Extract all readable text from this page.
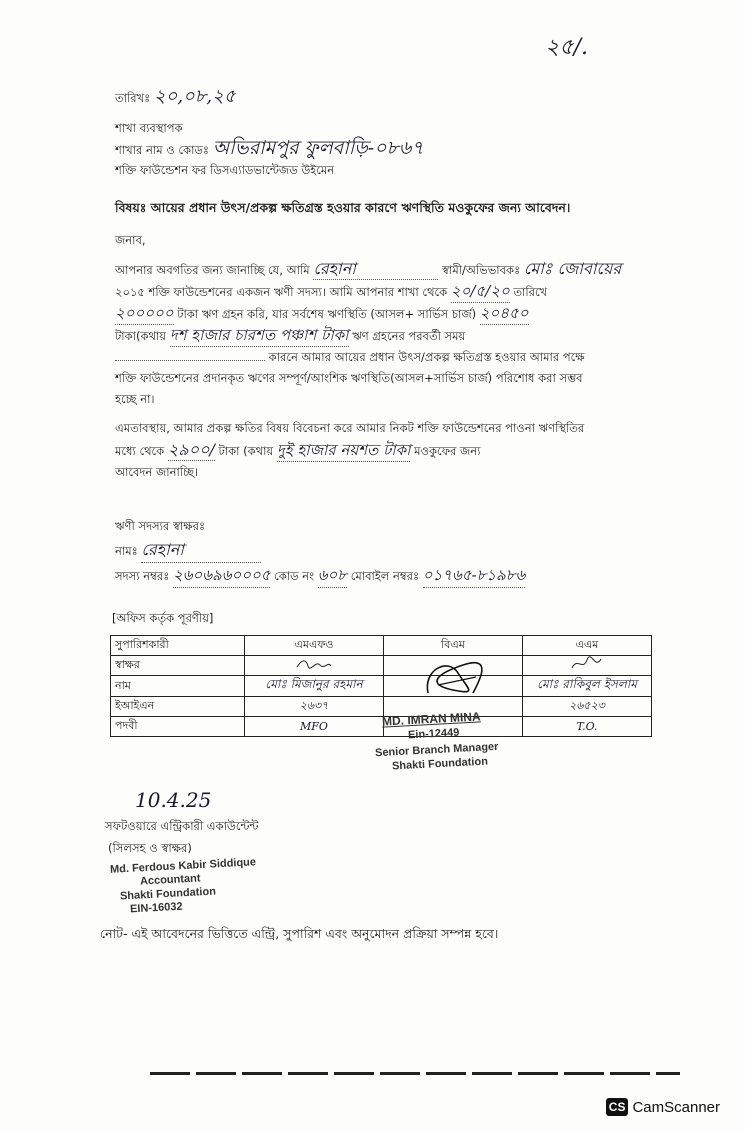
২৫/.
তারিখঃ ২০,০৮,২৫
শাখা ব্যবস্থাপক
শাখার নাম ও কোডঃ অভিরামপুর ফুলবাড়ি-০৮৬৭
শক্তি ফাউন্ডেশন ফর ডিসএ্যাডভান্টেজড উইমেন
বিষয়ঃ আয়ের প্রধান উৎস/প্রকল্প ক্ষতিগ্রস্ত হওয়ার কারণে ঋণস্থিতি মওকুফের জন্য আবেদন।
জনাব,
আপনার অবগতির জন্য জানাচ্ছি যে, আমি রেহানা	স্বামী/অভিভাবকঃ মোঃ জোবায়ের
২০১৫ শক্তি ফাউন্ডেশনের একজন ঋণী সদস্য। আমি আপনার শাখা থেকে ২০/৫/২০ তারিখে
২০০০০০ টাকা ঋণ গ্রহন করি, যার সর্বশেষ ঋণস্থিতি (আসল+ সার্ভিস চার্জ) ২০৪৫০
টাকা(কথায় দশ হাজার চারশত পঞ্চাশ টাকা ঋণ গ্রহনের পরবর্তী সময়
কারনে আমার আয়ের প্রধান উৎস/প্রকল্প ক্ষতিগ্রস্ত হওয়ার আমার পক্ষে
শক্তি ফাউন্ডেশনের প্রদানকৃত ঋণের সম্পূর্ণ/আংশিক ঋণস্থিতি(আসল+সার্ভিস চার্জ) পরিশোধ করা সম্ভব
হচ্ছে না।
এমতাবস্থায়, আমার প্রকল্প ক্ষতির বিষয় বিবেচনা করে আমার নিকট শক্তি ফাউন্ডেশনের পাওনা ঋণস্থিতির
মধ্যে থেকে ২৯০০/ টাকা (কথায় দুই হাজার নয়শত টাকা মওকুফের জন্য
আবেদন জানাচ্ছি।
ঋণী সদস্যর স্বাক্ষরঃ
নামঃ রেহানা
সদস্য নম্বরঃ ২৬০৬৯৬০০০৫ কোড নং ৬০৮ মোবাইল নম্বরঃ ০১৭৬৫-৮১৯৮৬
[অফিস কর্তৃক পূরণীয়]
সুপারিশকারী	এমএফও	বিএম	এএম
স্বাক্ষর			
নাম	মোঃ মিজানুর রহমান		মোঃ রাকিবুল ইসলাম
ইআইএন	২৬৩৭		২৬৫২৩
পদবী	MFO		T.O.
MD. IMRAN MINA
Ein-12449
Senior Branch Manager
Shakti Foundation
10.4.25
সফটওয়ারে এন্ট্রিকারী একাউন্টেন্ট
(সিলসহ ও স্বাক্ষর)
Md. Ferdous Kabir Siddique
Accountant
Shakti Foundation
EIN-16032
নোট- এই আবেদনের ভিত্তিতে এন্ট্রি, সুপারিশ এবং অনুমোদন প্রক্রিয়া সম্পন্ন হবে।
CS CamScanner
